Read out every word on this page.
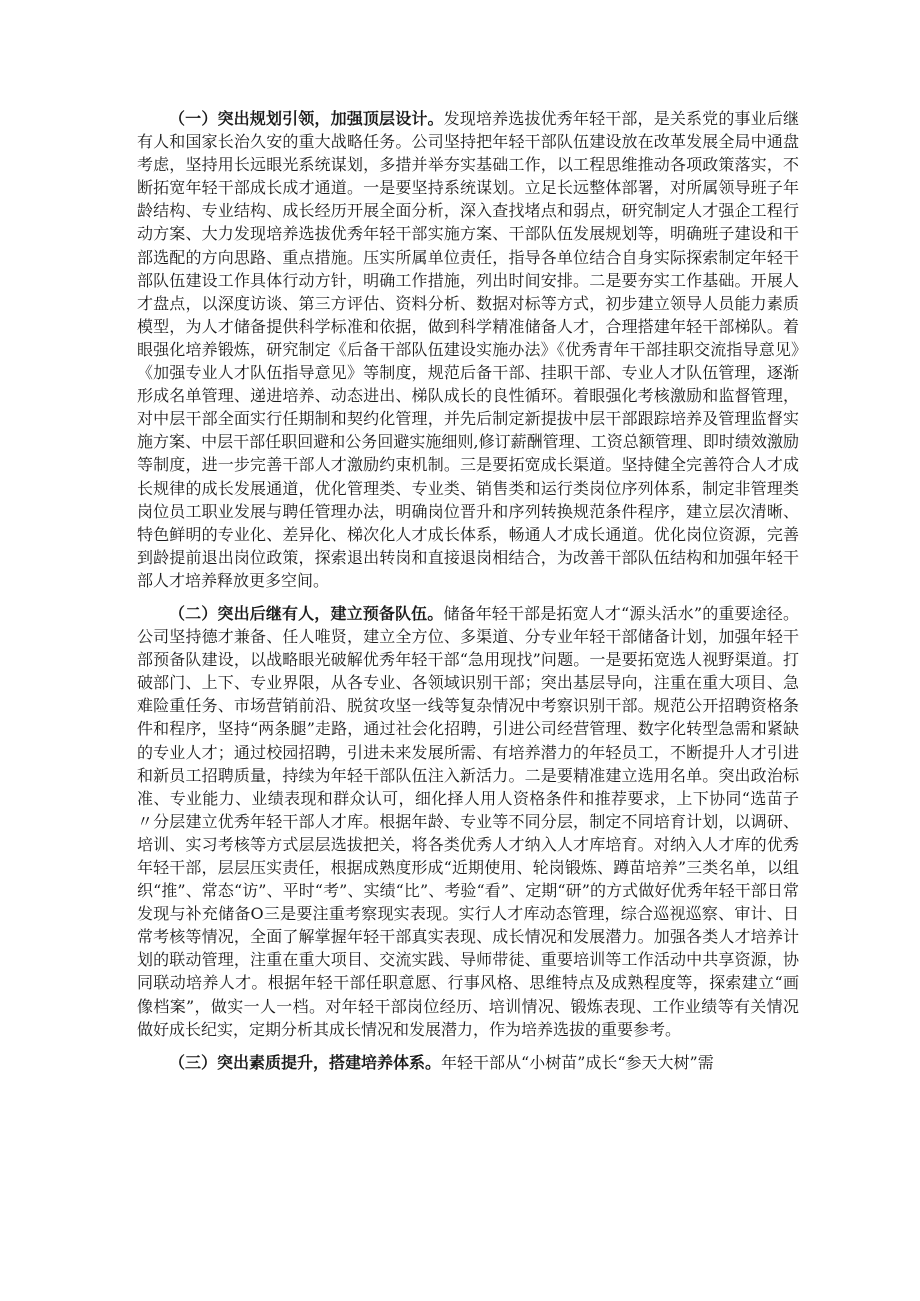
（一）突出规划引领，加强顶层设计。发现培养选拔优秀年轻干部，是关系党的事业后继有人和国家长治久安的重大战略任务。公司坚持把年轻干部队伍建设放在改革发展全局中通盘考虑，坚持用长远眼光系统谋划，多措并举夯实基础工作，以工程思维推动各项政策落实，不断拓宽年轻干部成长成才通道。一是要坚持系统谋划。立足长远整体部署，对所属领导班子年龄结构、专业结构、成长经历开展全面分析，深入查找堵点和弱点，研究制定人才强企工程行动方案、大力发现培养选拔优秀年轻干部实施方案、干部队伍发展规划等，明确班子建设和干部选配的方向思路、重点措施。压实所属单位责任，指导各单位结合自身实际探索制定年轻干部队伍建设工作具体行动方针，明确工作措施，列出时间安排。二是要夯实工作基础。开展人才盘点，以深度访谈、第三方评估、资料分析、数据对标等方式，初步建立领导人员能力素质模型，为人才储备提供科学标准和依据，做到科学精准储备人才，合理搭建年轻干部梯队。着眼强化培养锻炼，研究制定《后备干部队伍建设实施办法》《优秀青年干部挂职交流指导意见》《加强专业人才队伍指导意见》等制度，规范后备干部、挂职干部、专业人才队伍管理，逐渐形成名单管理、递进培养、动态进出、梯队成长的良性循环。着眼强化考核激励和监督管理，对中层干部全面实行任期制和契约化管理，并先后制定新提拔中层干部跟踪培养及管理监督实施方案、中层干部任职回避和公务回避实施细则,修订薪酬管理、工资总额管理、即时绩效激励等制度，进一步完善干部人才激励约束机制。三是要拓宽成长渠道。坚持健全完善符合人才成长规律的成长发展通道，优化管理类、专业类、销售类和运行类岗位序列体系，制定非管理类岗位员工职业发展与聘任管理办法，明确岗位晋升和序列转换规范条件程序，建立层次清晰、特色鲜明的专业化、差异化、梯次化人才成长体系，畅通人才成长通道。优化岗位资源，完善到龄提前退出岗位政策，探索退出转岗和直接退岗相结合，为改善干部队伍结构和加强年轻干部人才培养释放更多空间。

（二）突出后继有人，建立预备队伍。储备年轻干部是拓宽人才“源头活水”的重要途径。公司坚持德才兼备、任人唯贤，建立全方位、多渠道、分专业年轻干部储备计划，加强年轻干部预备队建设，以战略眼光破解优秀年轻干部“急用现找”问题。一是要拓宽选人视野渠道。打破部门、上下、专业界限，从各专业、各领域识别干部；突出基层导向，注重在重大项目、急难险重任务、市场营销前沿、脱贫攻坚一线等复杂情况中考察识别干部。规范公开招聘资格条件和程序，坚持“两条腿”走路，通过社会化招聘，引进公司经营管理、数字化转型急需和紧缺的专业人才；通过校园招聘，引进未来发展所需、有培养潜力的年轻员工，不断提升人才引进和新员工招聘质量，持续为年轻干部队伍注入新活力。二是要精准建立选用名单。突出政治标准、专业能力、业绩表现和群众认可，细化择人用人资格条件和推荐要求，上下协同“选苗子〃分层建立优秀年轻干部人才库。根据年龄、专业等不同分层，制定不同培育计划，以调研、培训、实习考核等方式层层选拔把关，将各类优秀人才纳入人才库培育。对纳入人才库的优秀年轻干部，层层压实责任，根据成熟度形成“近期使用、轮岗锻炼、蹲苗培养”三类名单，以组织“推”、常态“访”、平时“考”、实绩“比”、考验“看”、定期“研”的方式做好优秀年轻干部日常发现与补充储备O三是要注重考察现实表现。实行人才库动态管理，综合巡视巡察、审计、日常考核等情况，全面了解掌握年轻干部真实表现、成长情况和发展潜力。加强各类人才培养计划的联动管理，注重在重大项目、交流实践、导师带徒、重要培训等工作活动中共享资源，协同联动培养人才。根据年轻干部任职意愿、行事风格、思维特点及成熟程度等，探索建立“画像档案”，做实一人一档。对年轻干部岗位经历、培训情况、锻炼表现、工作业绩等有关情况做好成长纪实，定期分析其成长情况和发展潜力，作为培养选拔的重要参考。

（三）突出素质提升，搭建培养体系。年轻干部从“小树苗”成长“参天大树”需
